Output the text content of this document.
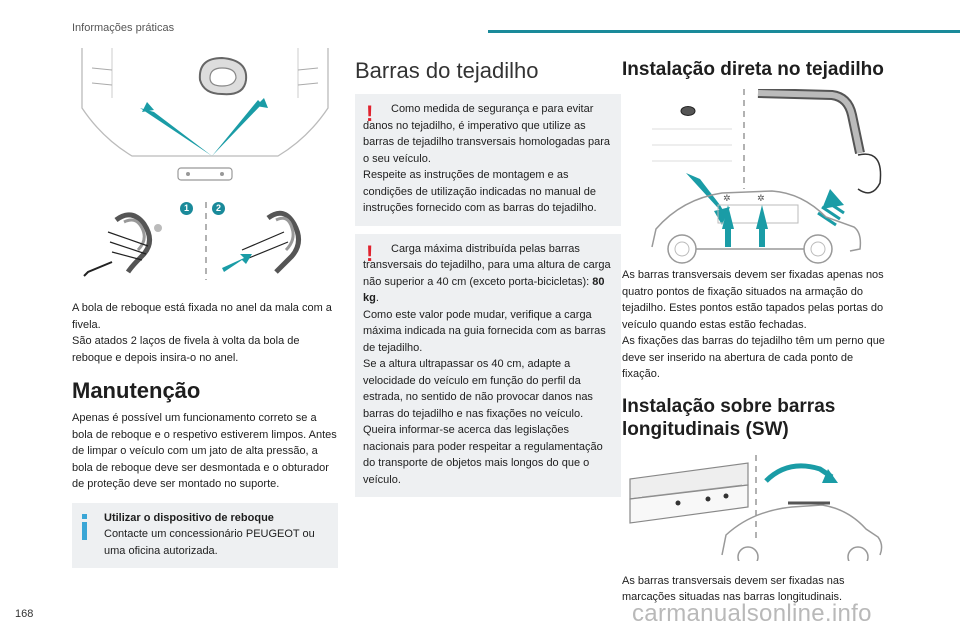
Informações práticas
1	2

A bola de reboque está fixada no anel da mala com a fivela.

São atados 2 laços de fivela à volta da bola de reboque e depois insira-o no anel.

Manutenção

Apenas é possível um funcionamento correto se a bola de reboque e o respetivo estiverem limpos. Antes de limpar o veículo com um jato de alta pressão, a bola de reboque deve ser desmontada e o obturador de proteção deve ser montado no suporte.

Utilizar o dispositivo de reboque

Contacte um concessionário PEUGEOT ou uma oficina autorizada.

Barras do tejadilho
!	Como medida de segurança e para evitar danos no tejadilho, é imperativo que utilize as barras de tejadilho transversais homologadas para o seu veículo.

Respeite as instruções de montagem e as condições de utilização indicadas no manual de instruções fornecido com as barras do tejadilho.

!	Carga máxima distribuída pelas barras transversais do tejadilho, para uma altura de carga não superior a 40 cm (exceto porta-bicicletas): 80 kg.

Como este valor pode mudar, verifique a carga máxima indicada na guia fornecida com as barras de tejadilho.

Se a altura ultrapassar os 40 cm, adapte a velocidade do veículo em função do perfil da estrada, no sentido de não provocar danos nas barras do tejadilho e nas fixações no veículo.

Queira informar-se acerca das legislações nacionais para poder respeitar a regulamentação do transporte de objetos mais longos do que o veículo.

Instalação direta no tejadilho
✲	✲

As barras transversais devem ser fixadas apenas nos quatro pontos de fixação situados na armação do tejadilho. Estes pontos estão tapados pelas portas do veículo quando estas estão fechadas.

As fixações das barras do tejadilho têm um perno que deve ser inserido na abertura de cada ponto de fixação.

Instalação sobre barras longitudinais (SW)

As barras transversais devem ser fixadas nas marcações situadas nas barras longitudinais.

168	carmanualsonline.info
